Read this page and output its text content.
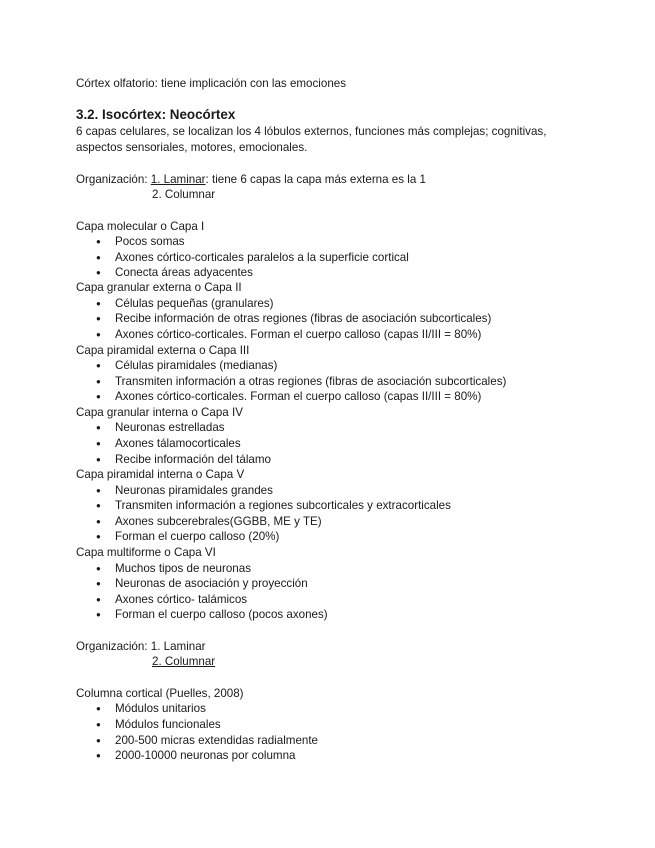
Córtex olfatorio: tiene implicación con las emociones
3.2. Isocórtex: Neocórtex
6 capas celulares, se localizan los 4 lóbulos externos, funciones más complejas; cognitivas, aspectos sensoriales, motores, emocionales.
Organización: 1. Laminar: tiene 6 capas la capa más externa es la 1
2. Columnar
Capa molecular o Capa I
● Pocos somas
● Axones córtico-corticales paralelos a la superficie cortical
● Conecta áreas adyacentes
Capa granular externa o Capa II
● Células pequeñas (granulares)
● Recibe información de otras regiones (fibras de asociación subcorticales)
● Axones córtico-corticales. Forman el cuerpo calloso (capas II/III = 80%)
Capa piramidal externa o Capa III
● Células piramidales (medianas)
● Transmiten información a otras regiones (fibras de asociación subcorticales)
● Axones córtico-corticales. Forman el cuerpo calloso (capas II/III = 80%)
Capa granular interna o Capa IV
● Neuronas estrelladas
● Axones tálamocorticales
● Recibe información del tálamo
Capa piramidal interna o Capa V
● Neuronas piramidales grandes
● Transmiten información a regiones subcorticales y extracorticales
● Axones subcerebrales(GGBB, ME y TE)
● Forman el cuerpo calloso (20%)
Capa multiforme o Capa VI
● Muchos tipos de neuronas
● Neuronas de asociación y proyección
● Axones córtico- talámicos
● Forman el cuerpo calloso (pocos axones)
Organización: 1. Laminar
2. Columnar
Columna cortical (Puelles, 2008)
● Módulos unitarios
● Módulos funcionales
● 200-500 micras extendidas radialmente
● 2000-10000 neuronas por columna
